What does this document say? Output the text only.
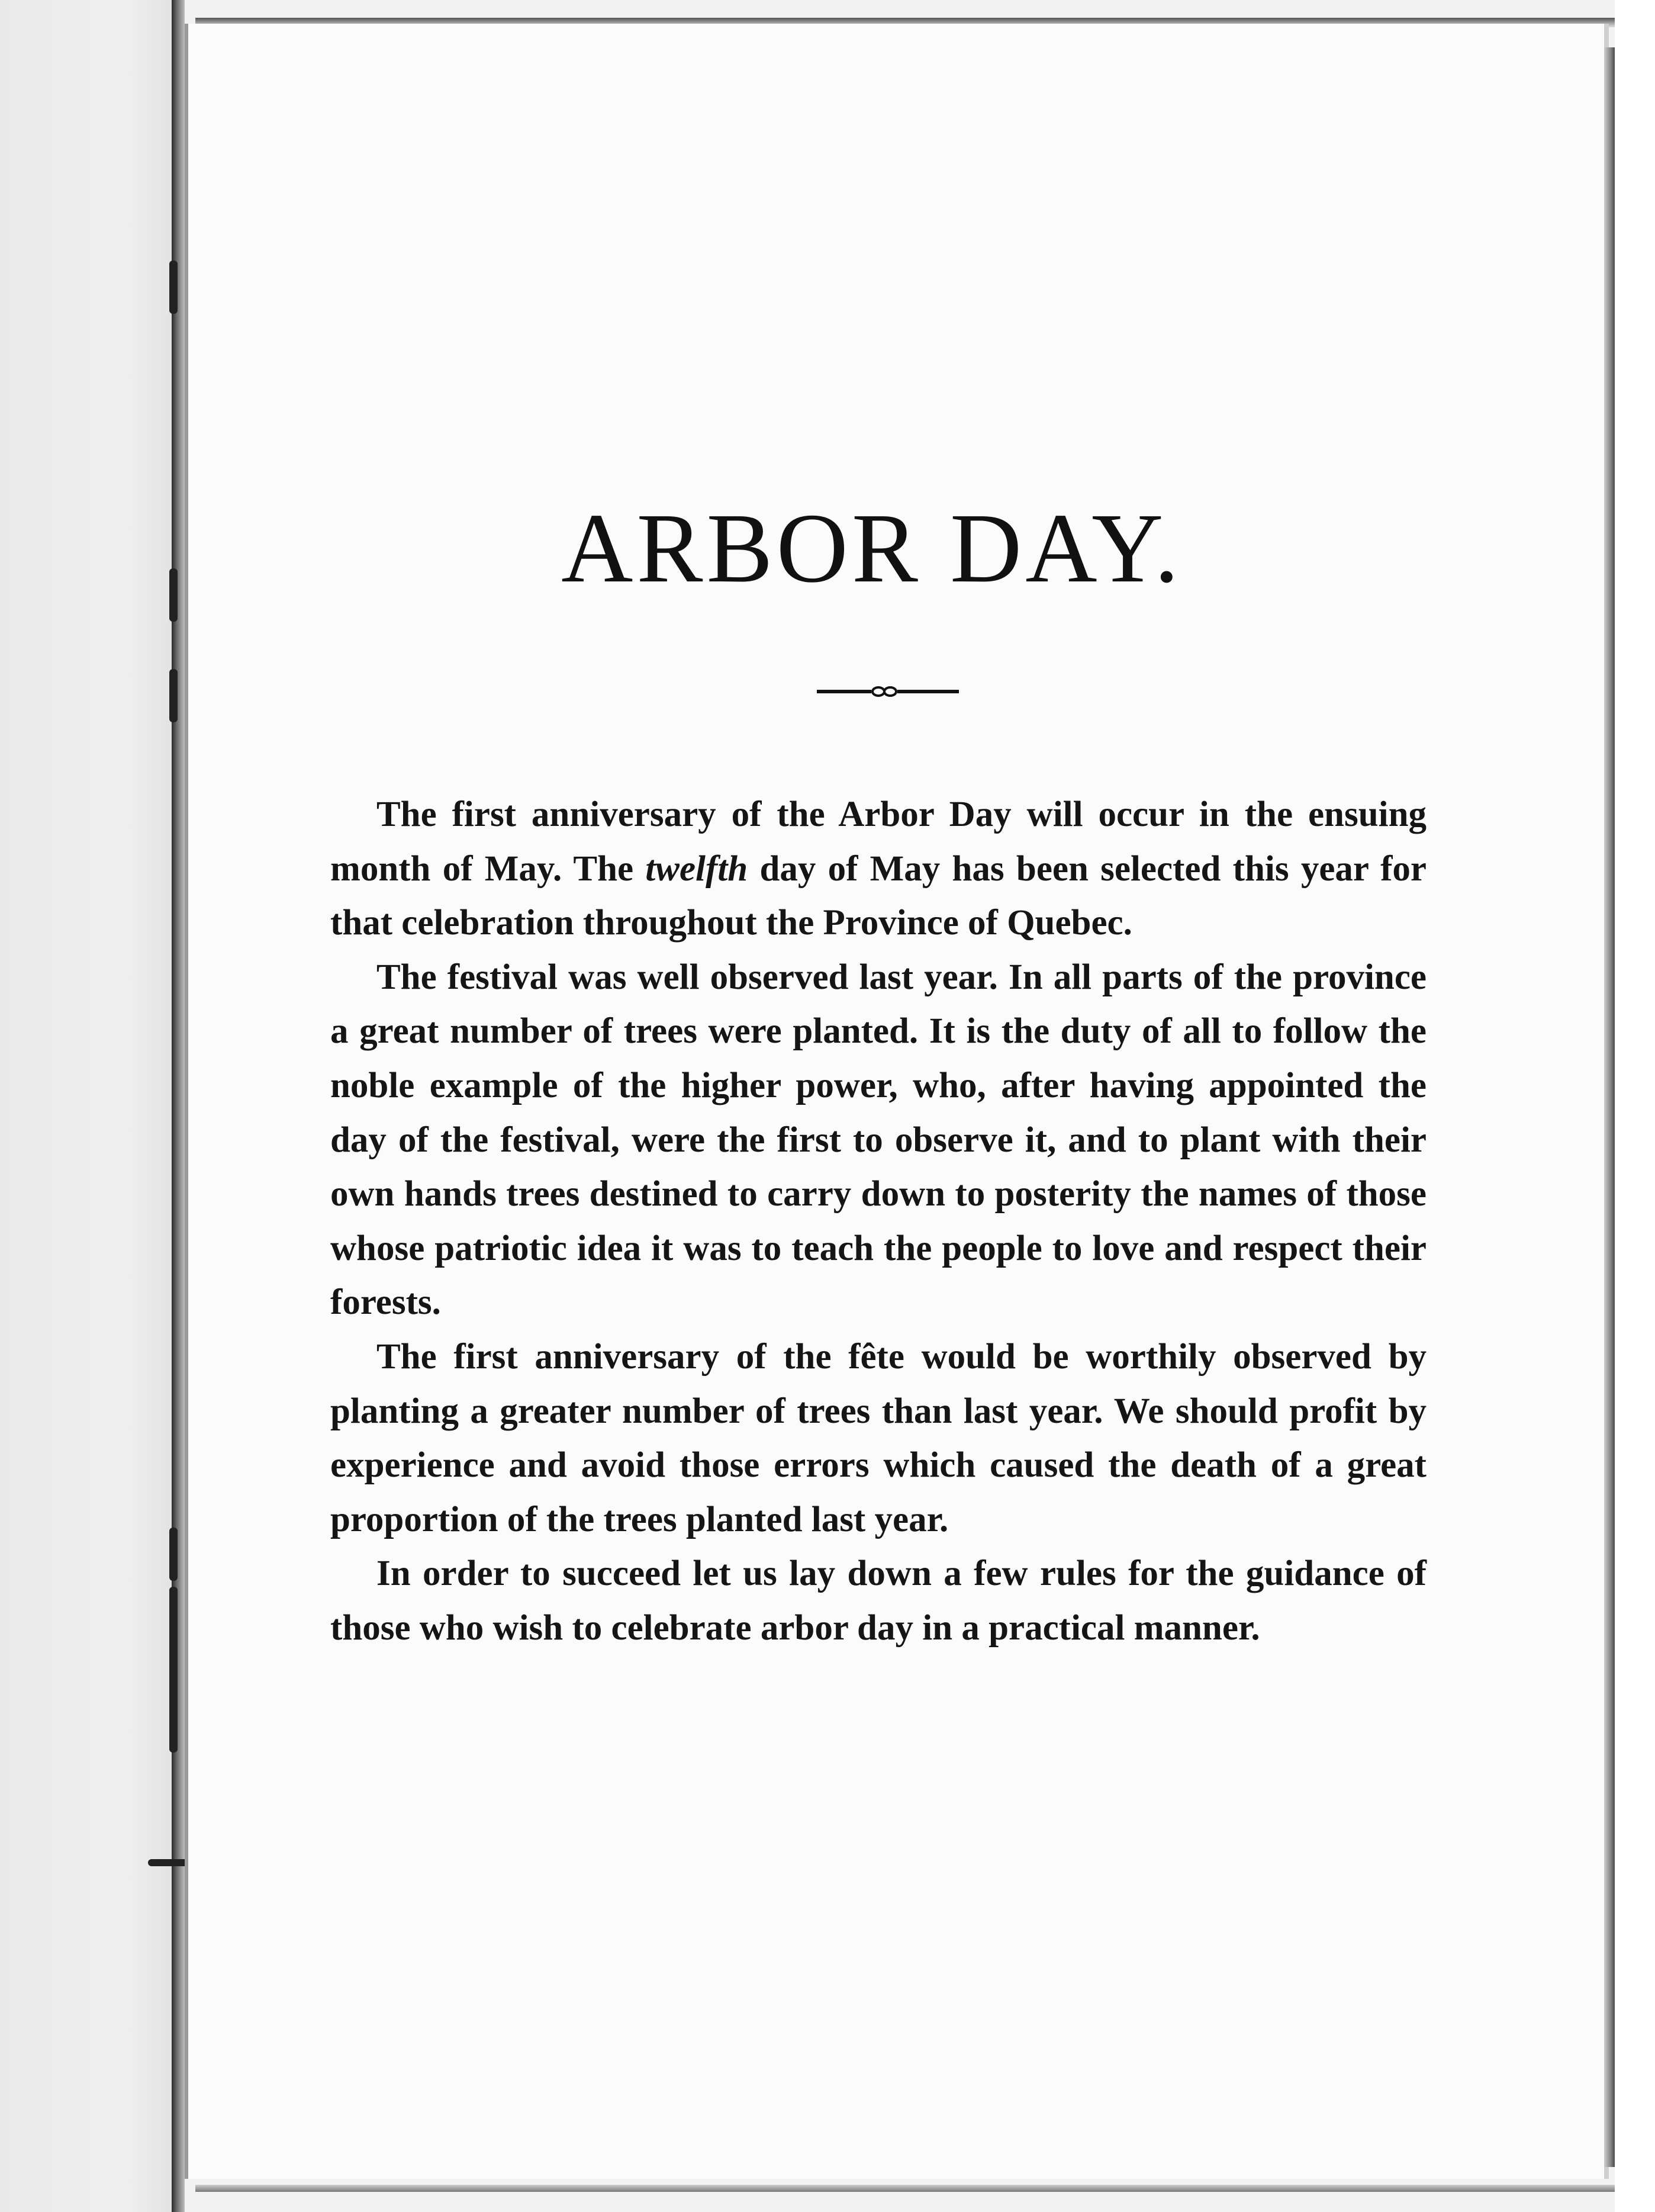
ARBOR DAY.

The first anniversary of the Arbor Day will occur in the ensuing month of May. The twelfth day of May has been selected this year for that celebration throughout the Province of Quebec.

The festival was well observed last year. In all parts of the province a great number of trees were planted. It is the duty of all to follow the noble example of the higher power, who, after having appointed the day of the festival, were the first to observe it, and to plant with their own hands trees destined to carry down to posterity the names of those whose patriotic idea it was to teach the people to love and respect their forests.

The first anniversary of the fête would be worthily observed by planting a greater number of trees than last year. We should profit by experience and avoid those errors which caused the death of a great proportion of the trees planted last year.

In order to succeed let us lay down a few rules for the guidance of those who wish to celebrate arbor day in a practical manner.
